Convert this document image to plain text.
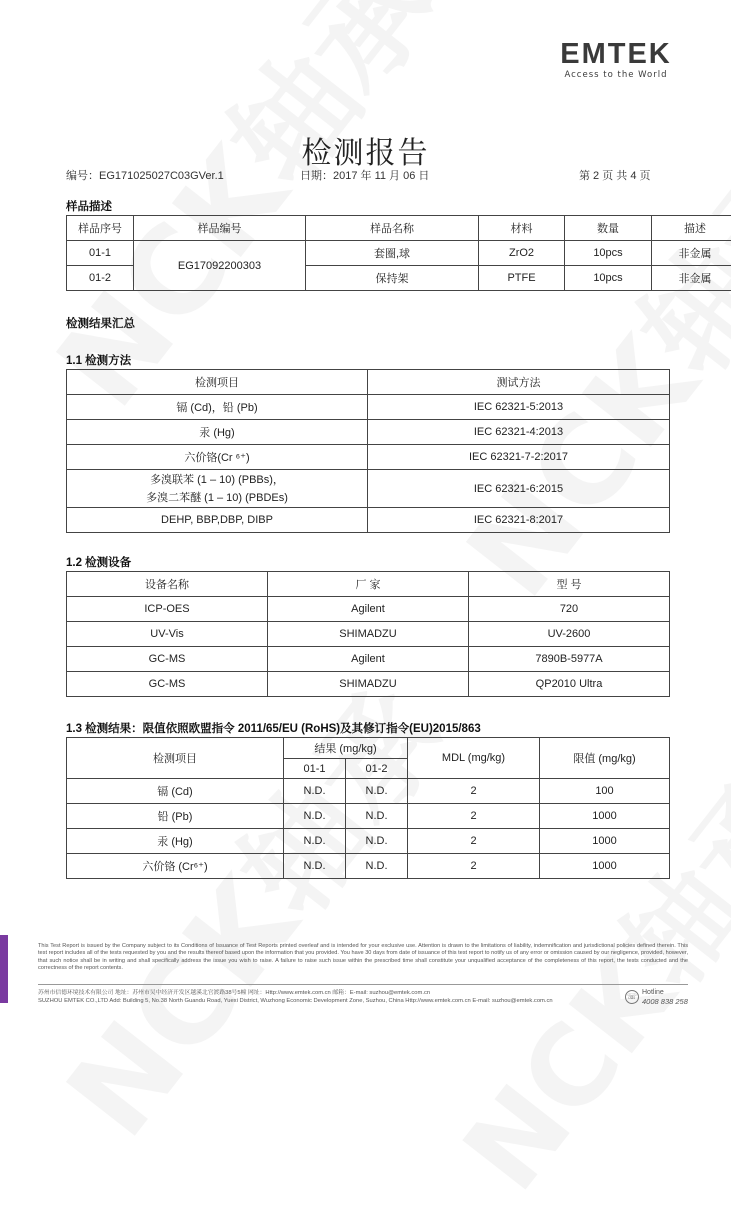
EMTEK
Access to the World
检测报告
编号：EG171025027C03GVer.1	日期：2017 年 11 月 06 日	第 2 页 共 4 页
样品描述
样品序号	样品编号	样品名称	材料	数量	描述
01-1	EG17092200303	套圈,球	ZrO2	10pcs	非金属
01-2		保持架	PTFE	10pcs	非金属
检测结果汇总
1.1 检测方法
检测项目	测试方法
镉 (Cd)，铅 (Pb)	IEC 62321-5:2013
汞 (Hg)	IEC 62321-4:2013
六价铬(Cr ⁶⁺)	IEC 62321-7-2:2017

多溴联苯 (1 – 10) (PBBs)，
多溴二苯醚 (1 – 10) (PBDEs)	IEC 62321-6:2015
DEHP, BBP,DBP, DIBP	IEC 62321-8:2017
1.2 检测设备
设备名称	厂 家	型 号
ICP-OES	Agilent	720
UV-Vis	SHIMADZU	UV-2600
GC-MS	Agilent	7890B-5977A
GC-MS	SHIMADZU	QP2010 Ultra
1.3 检测结果：限值依照欧盟指令 2011/65/EU (RoHS)及其修订指令(EU)2015/863
检测项目	结果 (mg/kg)		MDL (mg/kg)	限值 (mg/kg)
	01-1	01-2		
镉 (Cd)	N.D.	N.D.	2	100
铅 (Pb)	N.D.	N.D.	2	1000
汞 (Hg)	N.D.	N.D.	2	1000
六价铬 (Cr⁶⁺)	N.D.	N.D.	2	1000
This Test Report is issued by the Company subject to its Conditions of Issuance of Test Reports printed overleaf and is intended for your exclusive use. Attention is drawn to the limitations of liability, indemnification and jurisdictional policies defined therein. This test report includes all of the tests requested by you and the results thereof based upon the information that you provided. You have 30 days from date of issuance of this test report to notify us of any error or omission caused by our negligence, provided, however, that such notice shall be in writing and shall specifically address the issue you wish to raise. A failure to raise such issue within the prescribed time shall constitute your unqualified acceptance of the completeness of this report, the tests conducted and the correctness of the report contents.
苏州市信德环境技术有限公司 地址：苏州市吴中经济开发区越溪北官渡路38号5幢 网址：Http://www.emtek.com.cn 邮箱：E-mail: suzhou@emtek.com.cn
SUZHOU EMTEK CO.,LTD Add: Building 5, No.38 North Guandu Road, Yuexi District, Wuzhong Economic Development Zone, Suzhou, China Http://www.emtek.com.cn E-mail: suzhou@emtek.com.cn	☏ Hotline
4008 838 258
